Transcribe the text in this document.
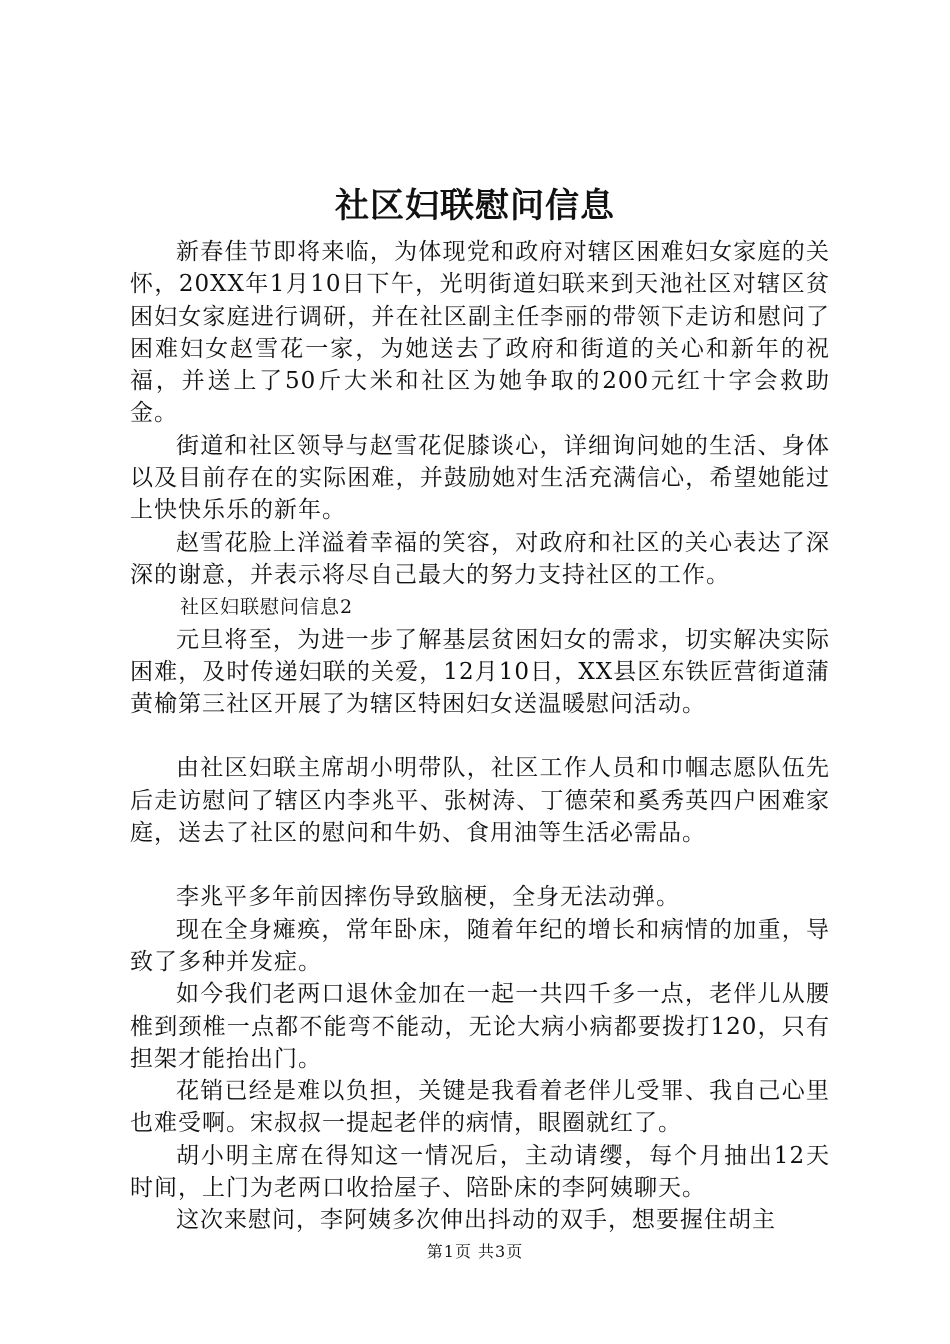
社区妇联慰问信息

新春佳节即将来临，为体现党和政府对辖区困难妇女家庭的关怀，20XX年1月10日下午，光明街道妇联来到天池社区对辖区贫困妇女家庭进行调研，并在社区副主任李丽的带领下走访和慰问了困难妇女赵雪花一家，为她送去了政府和街道的关心和新年的祝福，并送上了50斤大米和社区为她争取的200元红十字会救助金。

街道和社区领导与赵雪花促膝谈心，详细询问她的生活、身体以及目前存在的实际困难，并鼓励她对生活充满信心，希望她能过上快快乐乐的新年。

赵雪花脸上洋溢着幸福的笑容，对政府和社区的关心表达了深深的谢意，并表示将尽自己最大的努力支持社区的工作。

社区妇联慰问信息2

元旦将至，为进一步了解基层贫困妇女的需求，切实解决实际困难，及时传递妇联的关爱，12月10日，XX县区东铁匠营街道蒲黄榆第三社区开展了为辖区特困妇女送温暖慰问活动。

由社区妇联主席胡小明带队，社区工作人员和巾帼志愿队伍先后走访慰问了辖区内李兆平、张树涛、丁德荣和奚秀英四户困难家庭，送去了社区的慰问和牛奶、食用油等生活必需品。

李兆平多年前因摔伤导致脑梗，全身无法动弹。

现在全身瘫痪，常年卧床，随着年纪的增长和病情的加重，导致了多种并发症。

如今我们老两口退休金加在一起一共四千多一点，老伴儿从腰椎到颈椎一点都不能弯不能动，无论大病小病都要拨打120，只有担架才能抬出门。

花销已经是难以负担，关键是我看着老伴儿受罪、我自己心里也难受啊。宋叔叔一提起老伴的病情，眼圈就红了。

胡小明主席在得知这一情况后，主动请缨，每个月抽出12天时间，上门为老两口收拾屋子、陪卧床的李阿姨聊天。

这次来慰问，李阿姨多次伸出抖动的双手，想要握住胡主

第1页 共3页
